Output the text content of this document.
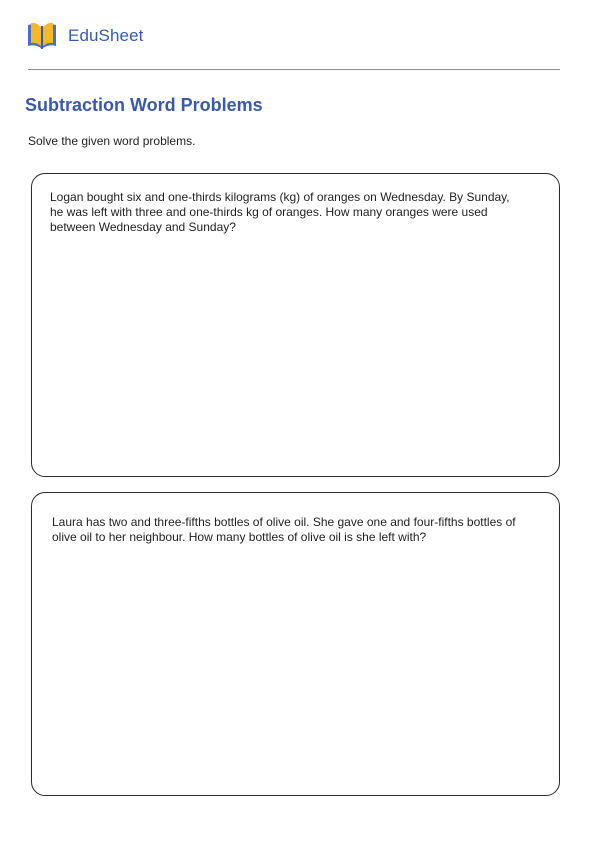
EduSheet
Subtraction Word Problems

Solve the given word problems.

Logan bought six and one-thirds kilograms (kg) of oranges on Wednesday. By Sunday, he was left with three and one-thirds kg of oranges. How many oranges were used between Wednesday and Sunday?

Laura has two and three-fifths bottles of olive oil. She gave one and four-fifths bottles of olive oil to her neighbour. How many bottles of olive oil is she left with?
